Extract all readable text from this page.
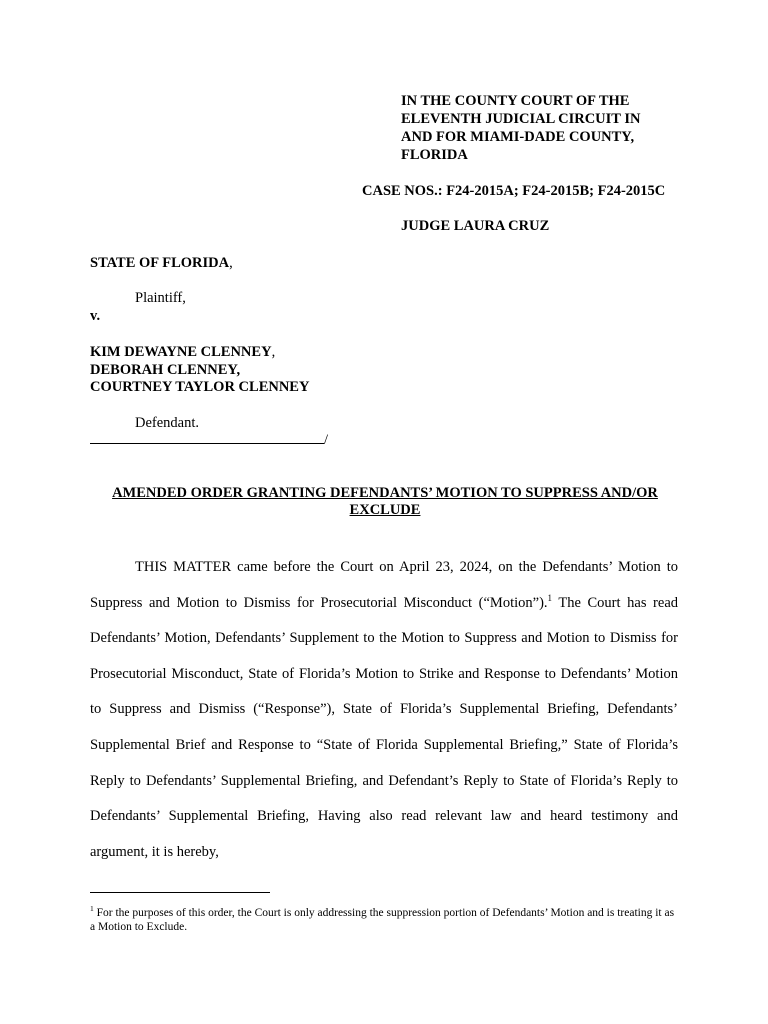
IN THE COUNTY COURT OF THE
ELEVENTH JUDICIAL CIRCUIT IN
AND FOR MIAMI-DADE COUNTY,
FLORIDA
CASE NOS.: F24-2015A; F24-2015B; F24-2015C
JUDGE LAURA CRUZ
STATE OF FLORIDA,
Plaintiff,
v.
KIM DEWAYNE CLENNEY,
DEBORAH CLENNEY,
COURTNEY TAYLOR CLENNEY
Defendant.
/
AMENDED ORDER GRANTING DEFENDANTS’ MOTION TO SUPPRESS AND/OR EXCLUDE
THIS MATTER came before the Court on April 23, 2024, on the Defendants’ Motion to Suppress and Motion to Dismiss for Prosecutorial Misconduct (“Motion”).$^1$ The Court has read Defendants’ Motion, Defendants’ Supplement to the Motion to Suppress and Motion to Dismiss for Prosecutorial Misconduct, State of Florida’s Motion to Strike and Response to Defendants’ Motion to Suppress and Dismiss (“Response”), State of Florida’s Supplemental Briefing, Defendants’ Supplemental Brief and Response to “State of Florida Supplemental Briefing,” State of Florida’s Reply to Defendants’ Supplemental Briefing, and Defendant’s Reply to State of Florida’s Reply to Defendants’ Supplemental Briefing, Having also read relevant law and heard testimony and argument, it is hereby,
$^1$ For the purposes of this order, the Court is only addressing the suppression portion of Defendants’ Motion and is treating it as a Motion to Exclude.
